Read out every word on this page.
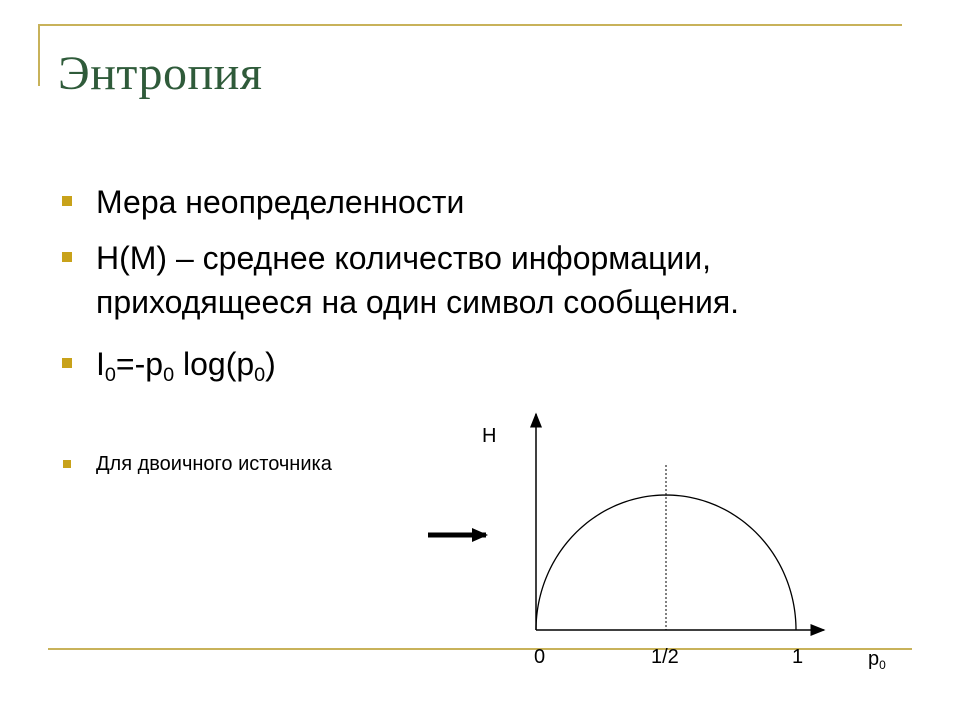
Энтропия
Мера неопределенности
H(M) – среднее количество информации,
приходящееся на один символ сообщения.
I0=-p0 log(p0)
Для двоичного источника
H
0	1/2	1	$p_0$
